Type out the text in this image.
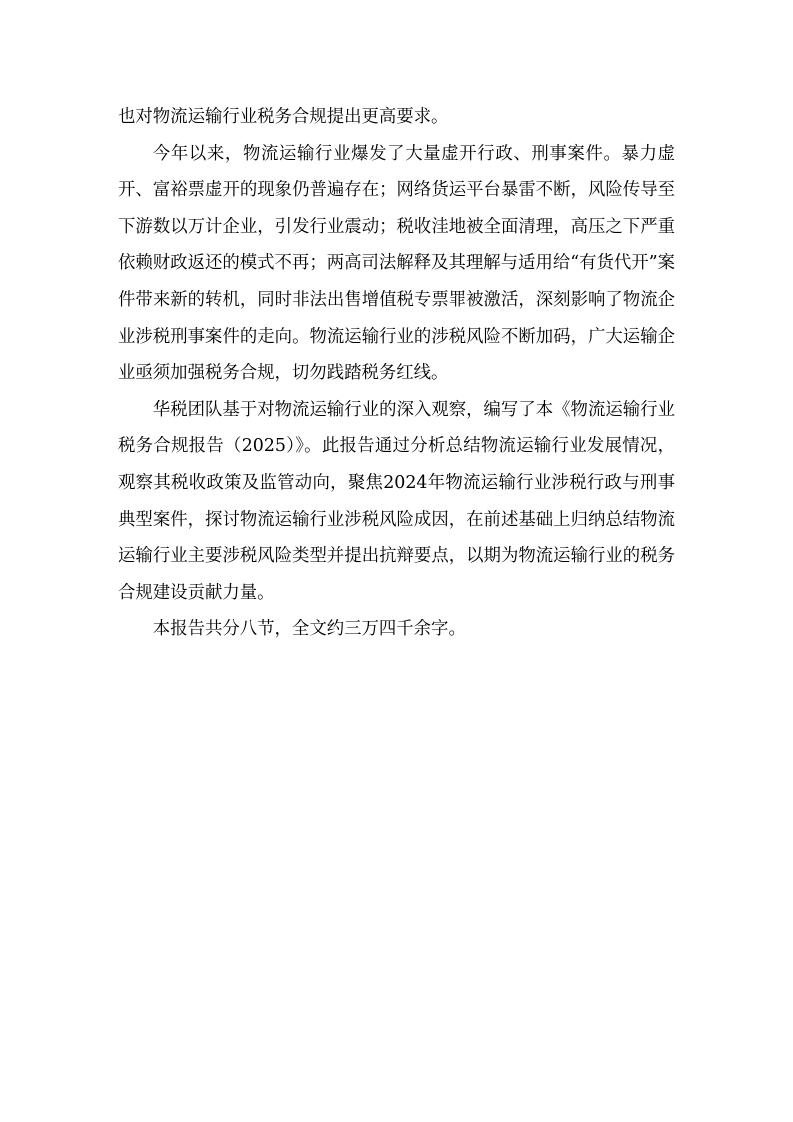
也对物流运输行业税务合规提出更高要求。

今年以来，物流运输行业爆发了大量虚开行政、刑事案件。暴力虚开、富裕票虚开的现象仍普遍存在；网络货运平台暴雷不断，风险传导至下游数以万计企业，引发行业震动；税收洼地被全面清理，高压之下严重依赖财政返还的模式不再；两高司法解释及其理解与适用给“有货代开”案件带来新的转机，同时非法出售增值税专票罪被激活，深刻影响了物流企业涉税刑事案件的走向。物流运输行业的涉税风险不断加码，广大运输企业亟须加强税务合规，切勿践踏税务红线。

华税团队基于对物流运输行业的深入观察，编写了本《物流运输行业税务合规报告（2025）》。此报告通过分析总结物流运输行业发展情况，观察其税收政策及监管动向，聚焦2024年物流运输行业涉税行政与刑事典型案件，探讨物流运输行业涉税风险成因，在前述基础上归纳总结物流运输行业主要涉税风险类型并提出抗辩要点，以期为物流运输行业的税务合规建设贡献力量。

本报告共分八节，全文约三万四千余字。
